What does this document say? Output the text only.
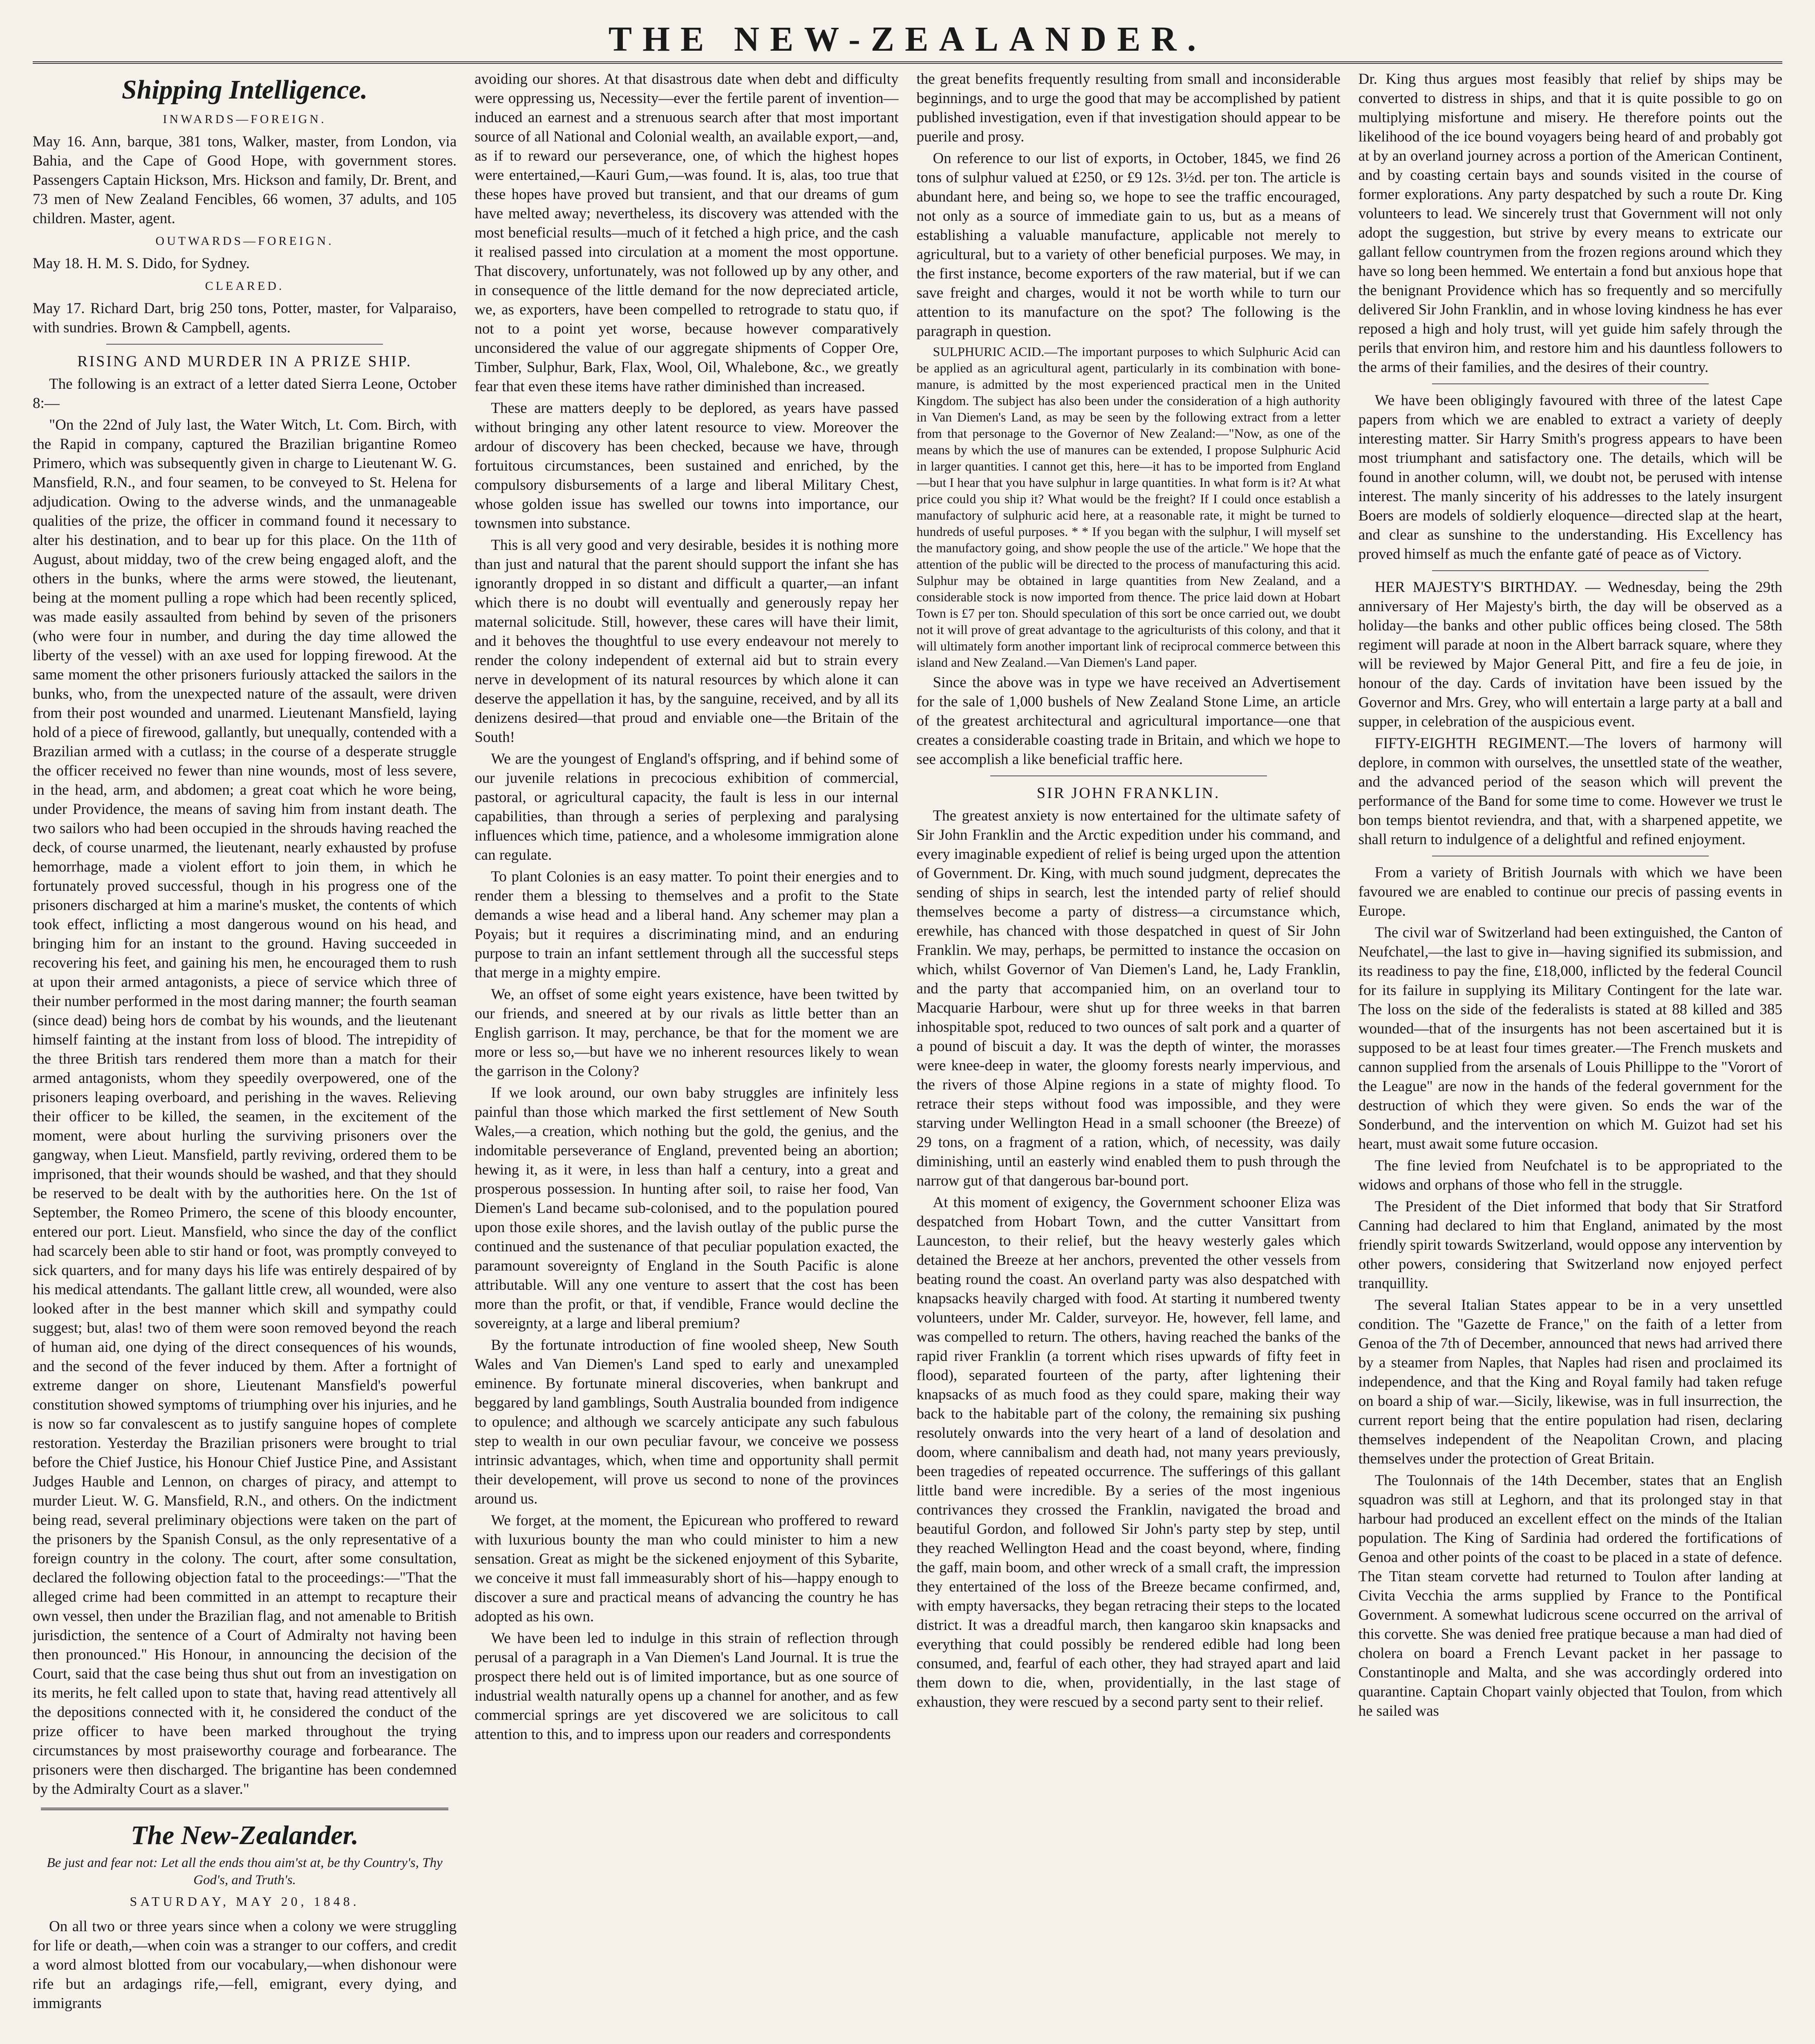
THE NEW-ZEALANDER.
Shipping Intelligence.
INWARDS—FOREIGN.

May 16. Ann, barque, 381 tons, Walker, master, from London, via Bahia, and the Cape of Good Hope, with government stores. Passengers Captain Hickson, Mrs. Hickson and family, Dr. Brent, and 73 men of New Zealand Fencibles, 66 women, 37 adults, and 105 children. Master, agent.

OUTWARDS—FOREIGN.

May 18. H. M. S. Dido, for Sydney.

CLEARED.

May 17. Richard Dart, brig 250 tons, Potter, master, for Valparaiso, with sundries. Brown & Campbell, agents.

RISING AND MURDER IN A PRIZE SHIP.

The following is an extract of a letter dated Sierra Leone, October 8:—

"On the 22nd of July last, the Water Witch, Lt. Com. Birch, with the Rapid in company, captured the Brazilian brigantine Romeo Primero, which was subsequently given in charge to Lieutenant W. G. Mansfield, R.N., and four seamen, to be conveyed to St. Helena for adjudication. Owing to the adverse winds, and the unmanageable qualities of the prize, the officer in command found it necessary to alter his destination, and to bear up for this place. On the 11th of August, about midday, two of the crew being engaged aloft, and the others in the bunks, where the arms were stowed, the lieutenant, being at the moment pulling a rope which had been recently spliced, was made easily assaulted from behind by seven of the prisoners (who were four in number, and during the day time allowed the liberty of the vessel) with an axe used for lopping firewood. At the same moment the other prisoners furiously attacked the sailors in the bunks, who, from the unexpected nature of the assault, were driven from their post wounded and unarmed. Lieutenant Mansfield, laying hold of a piece of firewood, gallantly, but unequally, contended with a Brazilian armed with a cutlass; in the course of a desperate struggle the officer received no fewer than nine wounds, most of less severe, in the head, arm, and abdomen; a great coat which he wore being, under Providence, the means of saving him from instant death. The two sailors who had been occupied in the shrouds having reached the deck, of course unarmed, the lieutenant, nearly exhausted by profuse hemorrhage, made a violent effort to join them, in which he fortunately proved successful, though in his progress one of the prisoners discharged at him a marine's musket, the contents of which took effect, inflicting a most dangerous wound on his head, and bringing him for an instant to the ground. Having succeeded in recovering his feet, and gaining his men, he encouraged them to rush at upon their armed antagonists, a piece of service which three of their number performed in the most daring manner; the fourth seaman (since dead) being hors de combat by his wounds, and the lieutenant himself fainting at the instant from loss of blood. The intrepidity of the three British tars rendered them more than a match for their armed antagonists, whom they speedily overpowered, one of the prisoners leaping overboard, and perishing in the waves. Relieving their officer to be killed, the seamen, in the excitement of the moment, were about hurling the surviving prisoners over the gangway, when Lieut. Mansfield, partly reviving, ordered them to be imprisoned, that their wounds should be washed, and that they should be reserved to be dealt with by the authorities here. On the 1st of September, the Romeo Primero, the scene of this bloody encounter, entered our port. Lieut. Mansfield, who since the day of the conflict had scarcely been able to stir hand or foot, was promptly conveyed to sick quarters, and for many days his life was entirely despaired of by his medical attendants. The gallant little crew, all wounded, were also looked after in the best manner which skill and sympathy could suggest; but, alas! two of them were soon removed beyond the reach of human aid, one dying of the direct consequences of his wounds, and the second of the fever induced by them. After a fortnight of extreme danger on shore, Lieutenant Mansfield's powerful constitution showed symptoms of triumphing over his injuries, and he is now so far convalescent as to justify sanguine hopes of complete restoration. Yesterday the Brazilian prisoners were brought to trial before the Chief Justice, his Honour Chief Justice Pine, and Assistant Judges Hauble and Lennon, on charges of piracy, and attempt to murder Lieut. W. G. Mansfield, R.N., and others. On the indictment being read, several preliminary objections were taken on the part of the prisoners by the Spanish Consul, as the only representative of a foreign country in the colony. The court, after some consultation, declared the following objection fatal to the proceedings:—"That the alleged crime had been committed in an attempt to recapture their own vessel, then under the Brazilian flag, and not amenable to British jurisdiction, the sentence of a Court of Admiralty not having been then pronounced." His Honour, in announcing the decision of the Court, said that the case being thus shut out from an investigation on its merits, he felt called upon to state that, having read attentively all the depositions connected with it, he considered the conduct of the prize officer to have been marked throughout the trying circumstances by most praiseworthy courage and forbearance. The prisoners were then discharged. The brigantine has been condemned by the Admiralty Court as a slaver."

The New-Zealander.
Be just and fear not: Let all the ends thou aim'st at, be thy Country's, Thy God's, and Truth's.
SATURDAY, MAY 20, 1848.

On all two or three years since when a colony we were struggling for life or death,—when coin was a stranger to our coffers, and credit a word almost blotted from our vocabulary,—when dishonour were rife but an ardagings rife,—fell, emigrant, every dying, and immigrants

avoiding our shores. At that disastrous date when debt and difficulty were oppressing us, Necessity—ever the fertile parent of invention—induced an earnest and a strenuous search after that most important source of all National and Colonial wealth, an available export,—and, as if to reward our perseverance, one, of which the highest hopes were entertained,—Kauri Gum,—was found. It is, alas, too true that these hopes have proved but transient, and that our dreams of gum have melted away; nevertheless, its discovery was attended with the most beneficial results—much of it fetched a high price, and the cash it realised passed into circulation at a moment the most opportune. That discovery, unfortunately, was not followed up by any other, and in consequence of the little demand for the now depreciated article, we, as exporters, have been compelled to retrograde to statu quo, if not to a point yet worse, because however comparatively unconsidered the value of our aggregate shipments of Copper Ore, Timber, Sulphur, Bark, Flax, Wool, Oil, Whalebone, &c., we greatly fear that even these items have rather diminished than increased.

These are matters deeply to be deplored, as years have passed without bringing any other latent resource to view. Moreover the ardour of discovery has been checked, because we have, through fortuitous circumstances, been sustained and enriched, by the compulsory disbursements of a large and liberal Military Chest, whose golden issue has swelled our towns into importance, our townsmen into substance.

This is all very good and very desirable, besides it is nothing more than just and natural that the parent should support the infant she has ignorantly dropped in so distant and difficult a quarter,—an infant which there is no doubt will eventually and generously repay her maternal solicitude. Still, however, these cares will have their limit, and it behoves the thoughtful to use every endeavour not merely to render the colony independent of external aid but to strain every nerve in development of its natural resources by which alone it can deserve the appellation it has, by the sanguine, received, and by all its denizens desired—that proud and enviable one—the Britain of the South!

We are the youngest of England's offspring, and if behind some of our juvenile relations in precocious exhibition of commercial, pastoral, or agricultural capacity, the fault is less in our internal capabilities, than through a series of perplexing and paralysing influences which time, patience, and a wholesome immigration alone can regulate.

To plant Colonies is an easy matter. To point their energies and to render them a blessing to themselves and a profit to the State demands a wise head and a liberal hand. Any schemer may plan a Poyais; but it requires a discriminating mind, and an enduring purpose to train an infant settlement through all the successful steps that merge in a mighty empire.

We, an offset of some eight years existence, have been twitted by our friends, and sneered at by our rivals as little better than an English garrison. It may, perchance, be that for the moment we are more or less so,—but have we no inherent resources likely to wean the garrison in the Colony?

If we look around, our own baby struggles are infinitely less painful than those which marked the first settlement of New South Wales,—a creation, which nothing but the gold, the genius, and the indomitable perseverance of England, prevented being an abortion; hewing it, as it were, in less than half a century, into a great and prosperous possession. In hunting after soil, to raise her food, Van Diemen's Land became sub-colonised, and to the population poured upon those exile shores, and the lavish outlay of the public purse the continued and the sustenance of that peculiar population exacted, the paramount sovereignty of England in the South Pacific is alone attributable. Will any one venture to assert that the cost has been more than the profit, or that, if vendible, France would decline the sovereignty, at a large and liberal premium?

By the fortunate introduction of fine wooled sheep, New South Wales and Van Diemen's Land sped to early and unexampled eminence. By fortunate mineral discoveries, when bankrupt and beggared by land gamblings, South Australia bounded from indigence to opulence; and although we scarcely anticipate any such fabulous step to wealth in our own peculiar favour, we conceive we possess intrinsic advantages, which, when time and opportunity shall permit their developement, will prove us second to none of the provinces around us.

We forget, at the moment, the Epicurean who proffered to reward with luxurious bounty the man who could minister to him a new sensation. Great as might be the sickened enjoyment of this Sybarite, we conceive it must fall immeasurably short of his—happy enough to discover a sure and practical means of advancing the country he has adopted as his own.

We have been led to indulge in this strain of reflection through perusal of a paragraph in a Van Diemen's Land Journal. It is true the prospect there held out is of limited importance, but as one source of industrial wealth naturally opens up a channel for another, and as few commercial springs are yet discovered we are solicitous to call attention to this, and to impress upon our readers and correspondents

the great benefits frequently resulting from small and inconsiderable beginnings, and to urge the good that may be accomplished by patient published investigation, even if that investigation should appear to be puerile and prosy.

On reference to our list of exports, in October, 1845, we find 26 tons of sulphur valued at £250, or £9 12s. 3½d. per ton. The article is abundant here, and being so, we hope to see the traffic encouraged, not only as a source of immediate gain to us, but as a means of establishing a valuable manufacture, applicable not merely to agricultural, but to a variety of other beneficial purposes. We may, in the first instance, become exporters of the raw material, but if we can save freight and charges, would it not be worth while to turn our attention to its manufacture on the spot? The following is the paragraph in question.

SULPHURIC ACID.—The important purposes to which Sulphuric Acid can be applied as an agricultural agent, particularly in its combination with bone-manure, is admitted by the most experienced practical men in the United Kingdom. The subject has also been under the consideration of a high authority in Van Diemen's Land, as may be seen by the following extract from a letter from that personage to the Governor of New Zealand:—"Now, as one of the means by which the use of manures can be extended, I propose Sulphuric Acid in larger quantities. I cannot get this, here—it has to be imported from England—but I hear that you have sulphur in large quantities. In what form is it? At what price could you ship it? What would be the freight? If I could once establish a manufactory of sulphuric acid here, at a reasonable rate, it might be turned to hundreds of useful purposes. * * If you began with the sulphur, I will myself set the manufactory going, and show people the use of the article." We hope that the attention of the public will be directed to the process of manufacturing this acid. Sulphur may be obtained in large quantities from New Zealand, and a considerable stock is now imported from thence. The price laid down at Hobart Town is £7 per ton. Should speculation of this sort be once carried out, we doubt not it will prove of great advantage to the agriculturists of this colony, and that it will ultimately form another important link of reciprocal commerce between this island and New Zealand.—Van Diemen's Land paper.

Since the above was in type we have received an Advertisement for the sale of 1,000 bushels of New Zealand Stone Lime, an article of the greatest architectural and agricultural importance—one that creates a considerable coasting trade in Britain, and which we hope to see accomplish a like beneficial traffic here.

SIR JOHN FRANKLIN.

The greatest anxiety is now entertained for the ultimate safety of Sir John Franklin and the Arctic expedition under his command, and every imaginable expedient of relief is being urged upon the attention of Government. Dr. King, with much sound judgment, deprecates the sending of ships in search, lest the intended party of relief should themselves become a party of distress—a circumstance which, erewhile, has chanced with those despatched in quest of Sir John Franklin. We may, perhaps, be permitted to instance the occasion on which, whilst Governor of Van Diemen's Land, he, Lady Franklin, and the party that accompanied him, on an overland tour to Macquarie Harbour, were shut up for three weeks in that barren inhospitable spot, reduced to two ounces of salt pork and a quarter of a pound of biscuit a day. It was the depth of winter, the morasses were knee-deep in water, the gloomy forests nearly impervious, and the rivers of those Alpine regions in a state of mighty flood. To retrace their steps without food was impossible, and they were starving under Wellington Head in a small schooner (the Breeze) of 29 tons, on a fragment of a ration, which, of necessity, was daily diminishing, until an easterly wind enabled them to push through the narrow gut of that dangerous bar-bound port.

At this moment of exigency, the Government schooner Eliza was despatched from Hobart Town, and the cutter Vansittart from Launceston, to their relief, but the heavy westerly gales which detained the Breeze at her anchors, prevented the other vessels from beating round the coast. An overland party was also despatched with knapsacks heavily charged with food. At starting it numbered twenty volunteers, under Mr. Calder, surveyor. He, however, fell lame, and was compelled to return. The others, having reached the banks of the rapid river Franklin (a torrent which rises upwards of fifty feet in flood), separated fourteen of the party, after lightening their knapsacks of as much food as they could spare, making their way back to the habitable part of the colony, the remaining six pushing resolutely onwards into the very heart of a land of desolation and doom, where cannibalism and death had, not many years previously, been tragedies of repeated occurrence. The sufferings of this gallant little band were incredible. By a series of the most ingenious contrivances they crossed the Franklin, navigated the broad and beautiful Gordon, and followed Sir John's party step by step, until they reached Wellington Head and the coast beyond, where, finding the gaff, main boom, and other wreck of a small craft, the impression they entertained of the loss of the Breeze became confirmed, and, with empty haversacks, they began retracing their steps to the located district. It was a dreadful march, then kangaroo skin knapsacks and everything that could possibly be rendered edible had long been consumed, and, fearful of each other, they had strayed apart and laid them down to die, when, providentially, in the last stage of exhaustion, they were rescued by a second party sent to their relief.

Dr. King thus argues most feasibly that relief by ships may be converted to distress in ships, and that it is quite possible to go on multiplying misfortune and misery. He therefore points out the likelihood of the ice bound voyagers being heard of and probably got at by an overland journey across a portion of the American Continent, and by coasting certain bays and sounds visited in the course of former explorations. Any party despatched by such a route Dr. King volunteers to lead. We sincerely trust that Government will not only adopt the suggestion, but strive by every means to extricate our gallant fellow countrymen from the frozen regions around which they have so long been hemmed. We entertain a fond but anxious hope that the benignant Providence which has so frequently and so mercifully delivered Sir John Franklin, and in whose loving kindness he has ever reposed a high and holy trust, will yet guide him safely through the perils that environ him, and restore him and his dauntless followers to the arms of their families, and the desires of their country.

We have been obligingly favoured with three of the latest Cape papers from which we are enabled to extract a variety of deeply interesting matter. Sir Harry Smith's progress appears to have been most triumphant and satisfactory one. The details, which will be found in another column, will, we doubt not, be perused with intense interest. The manly sincerity of his addresses to the lately insurgent Boers are models of soldierly eloquence—directed slap at the heart, and clear as sunshine to the understanding. His Excellency has proved himself as much the enfante gaté of peace as of Victory.

HER MAJESTY'S BIRTHDAY. — Wednesday, being the 29th anniversary of Her Majesty's birth, the day will be observed as a holiday—the banks and other public offices being closed. The 58th regiment will parade at noon in the Albert barrack square, where they will be reviewed by Major General Pitt, and fire a feu de joie, in honour of the day. Cards of invitation have been issued by the Governor and Mrs. Grey, who will entertain a large party at a ball and supper, in celebration of the auspicious event.

FIFTY-EIGHTH REGIMENT.—The lovers of harmony will deplore, in common with ourselves, the unsettled state of the weather, and the advanced period of the season which will prevent the performance of the Band for some time to come. However we trust le bon temps bientot reviendra, and that, with a sharpened appetite, we shall return to indulgence of a delightful and refined enjoyment.

From a variety of British Journals with which we have been favoured we are enabled to continue our precis of passing events in Europe.

The civil war of Switzerland had been extinguished, the Canton of Neufchatel,—the last to give in—having signified its submission, and its readiness to pay the fine, £18,000, inflicted by the federal Council for its failure in supplying its Military Contingent for the late war. The loss on the side of the federalists is stated at 88 killed and 385 wounded—that of the insurgents has not been ascertained but it is supposed to be at least four times greater.—The French muskets and cannon supplied from the arsenals of Louis Phillippe to the "Vorort of the League" are now in the hands of the federal government for the destruction of which they were given. So ends the war of the Sonderbund, and the intervention on which M. Guizot had set his heart, must await some future occasion.

The fine levied from Neufchatel is to be appropriated to the widows and orphans of those who fell in the struggle.

The President of the Diet informed that body that Sir Stratford Canning had declared to him that England, animated by the most friendly spirit towards Switzerland, would oppose any intervention by other powers, considering that Switzerland now enjoyed perfect tranquillity.

The several Italian States appear to be in a very unsettled condition. The "Gazette de France," on the faith of a letter from Genoa of the 7th of December, announced that news had arrived there by a steamer from Naples, that Naples had risen and proclaimed its independence, and that the King and Royal family had taken refuge on board a ship of war.—Sicily, likewise, was in full insurrection, the current report being that the entire population had risen, declaring themselves independent of the Neapolitan Crown, and placing themselves under the protection of Great Britain.

The Toulonnais of the 14th December, states that an English squadron was still at Leghorn, and that its prolonged stay in that harbour had produced an excellent effect on the minds of the Italian population. The King of Sardinia had ordered the fortifications of Genoa and other points of the coast to be placed in a state of defence. The Titan steam corvette had returned to Toulon after landing at Civita Vecchia the arms supplied by France to the Pontifical Government. A somewhat ludicrous scene occurred on the arrival of this corvette. She was denied free pratique because a man had died of cholera on board a French Levant packet in her passage to Constantinople and Malta, and she was accordingly ordered into quarantine. Captain Chopart vainly objected that Toulon, from which he sailed was
